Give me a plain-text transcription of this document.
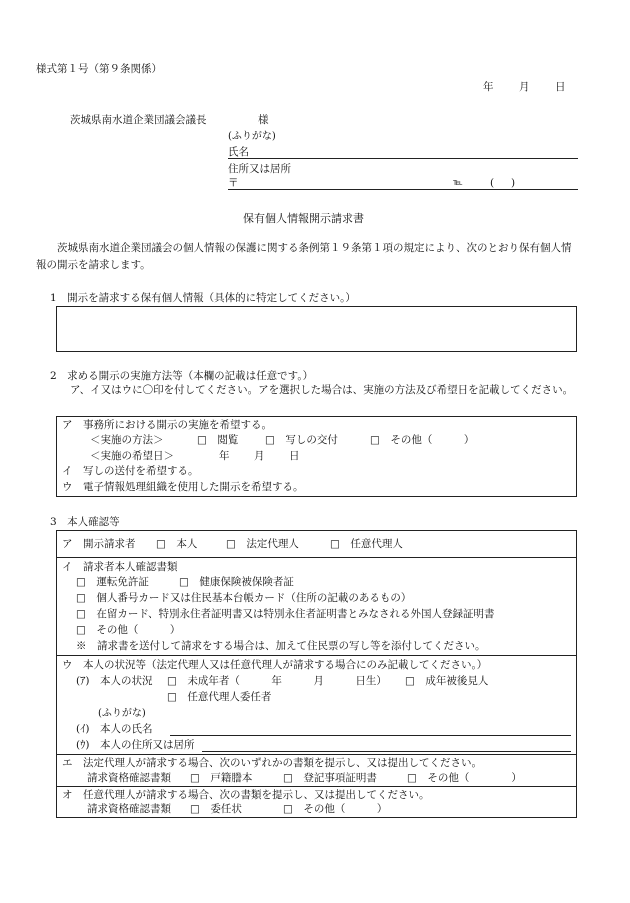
様式第１号（第９条関係）
年 月 日
茨城県南水道企業団議会議長	様
(ふりがな)
氏名
住所又は居所
〒	℡	( )
保有個人情報開示請求書
茨城県南水道企業団議会の個人情報の保護に関する条例第１９条第１項の規定により、次のとおり保有個人情報の開示を請求します。
1　開示を請求する保有個人情報（具体的に特定してください。）
2　求める開示の実施方法等（本欄の記載は任意です。）
ア、イ又はウに〇印を付してください。アを選択した場合は、実施の方法及び希望日を記載してください。
ア　事務所における開示の実施を希望する。
＜実施の方法＞	□　閲覧	□　写しの交付	□　その他（　　　）
＜実施の希望日＞	年 月 日
イ　写しの送付を希望する。
ウ　電子情報処理組織を使用した開示を希望する。
3　本人確認等
ア　開示請求者 □　本人	□　法定代理人	□　任意代理人
イ　請求者本人確認書類
□　運転免許証	□　健康保険被保険者証
□　個人番号カード又は住民基本台帳カード（住所の記載のあるもの）
□　在留カード、特別永住者証明書又は特別永住者証明書とみなされる外国人登録証明書
□　その他（　　　）
※　請求書を送付して請求をする場合は、加えて住民票の写し等を添付してください。
ウ　本人の状況等（法定代理人又は任意代理人が請求する場合にのみ記載してください。）
(ｱ)　本人の状況 □　未成年者（　　　年　　　月　　　日生） □　成年被後見人
□　任意代理人委任者
(ふりがな)
(ｲ)　本人の氏名
(ｳ)　本人の住所又は居所
エ　法定代理人が請求する場合、次のいずれかの書類を提示し、又は提出してください。
請求資格確認書類 □　戸籍謄本	□　登記事項証明書	□　その他（　　　　）
オ　任意代理人が請求する場合、次の書類を提示し、又は提出してください。
請求資格確認書類 □　委任状	□　その他（　　　）
